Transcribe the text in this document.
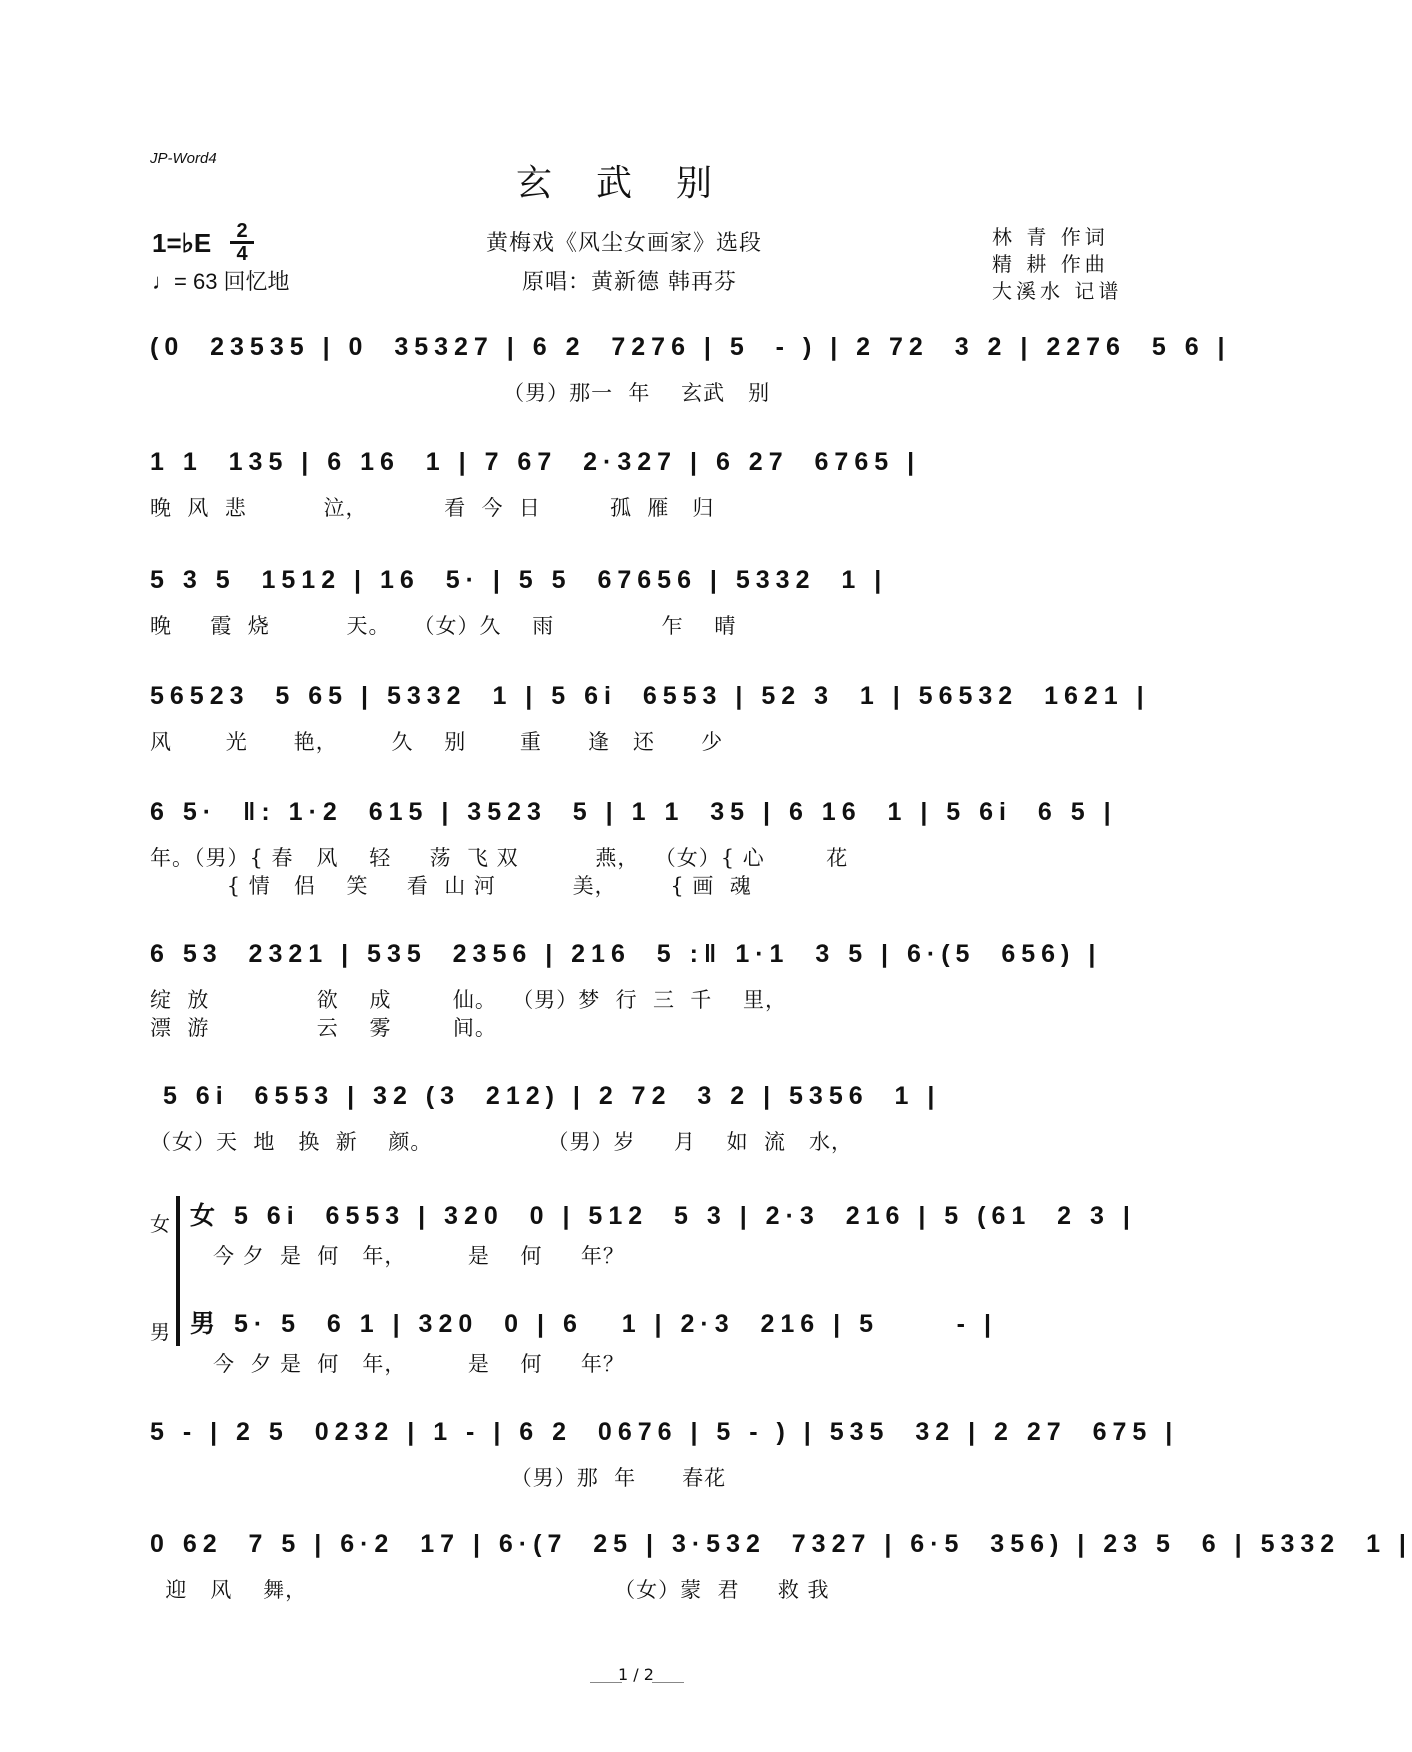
JP-Word4
玄武别
1=♭E	2
4
♩= 63 回忆地
黄梅戏《风尘女画家》选段
原唱：黄新德 韩再芬
林 青 作词
精 耕 作曲
大溪水 记谱
(0  23535 | 0  35327 | 6 2  7276 | 5  - ) | 2 72  3 2 | 2276  5 6 |
（男）那一  年    玄武   别
1 1  135 | 6 16  1 | 7 67  2·327 | 6 27  6765 |
晚  风  悲          泣，          看  今  日         孤  雁   归
5 3 5  1512 | 16  5· | 5 5  67656 | 5332  1 |
晚     霞  烧          天。   （女）久    雨              乍    晴
56523  5 65 | 5332  1 | 5 6i  6553 | 52 3  1 | 56532  1621 |
风       光      艳，       久    别       重      逢   还      少
6 5·  ‖: 1·2  615 | 3523  5 | 1 1  35 | 6 16  1 | 5 6i  6 5 |
年。（男）{ 春   风    轻     荡  飞 双          燕，  （女）{ 心        花
{ 情   侣    笑     看  山 河          美，       { 画  魂
6 53  2321 | 535  2356 | 216  5 :‖ 1·1  3 5 | 6·(5  656) |
绽  放              欲    成        仙。  （男）梦  行  三  千    里，
漂  游              云    雾        间。
5 6i  6553 | 32 (3  212) | 2 72  3 2 | 5356  1 |
（女）天  地   换  新    颜。               （男）岁     月    如  流   水，
女
男
女 5 6i  6553 | 320  0 | 512  5 3 | 2·3  216 | 5 (61  2 3 |
今 夕  是  何   年，        是    何     年？
男 5· 5  6 1 | 320  0 | 6   1 | 2·3  216 | 5      - |
今  夕 是  何   年，        是    何     年？
5 - | 2 5  0232 | 1 - | 6 2  0676 | 5 - ) | 535  32 | 2 27  675 |
（男）那  年      春花
0 62  7 5 | 6·2  17 | 6·(7  25 | 3·532  7327 | 6·5  356) | 23 5  6 | 5332  1 |
迎   风    舞，                                        （女）蒙  君     救 我
1 / 2
